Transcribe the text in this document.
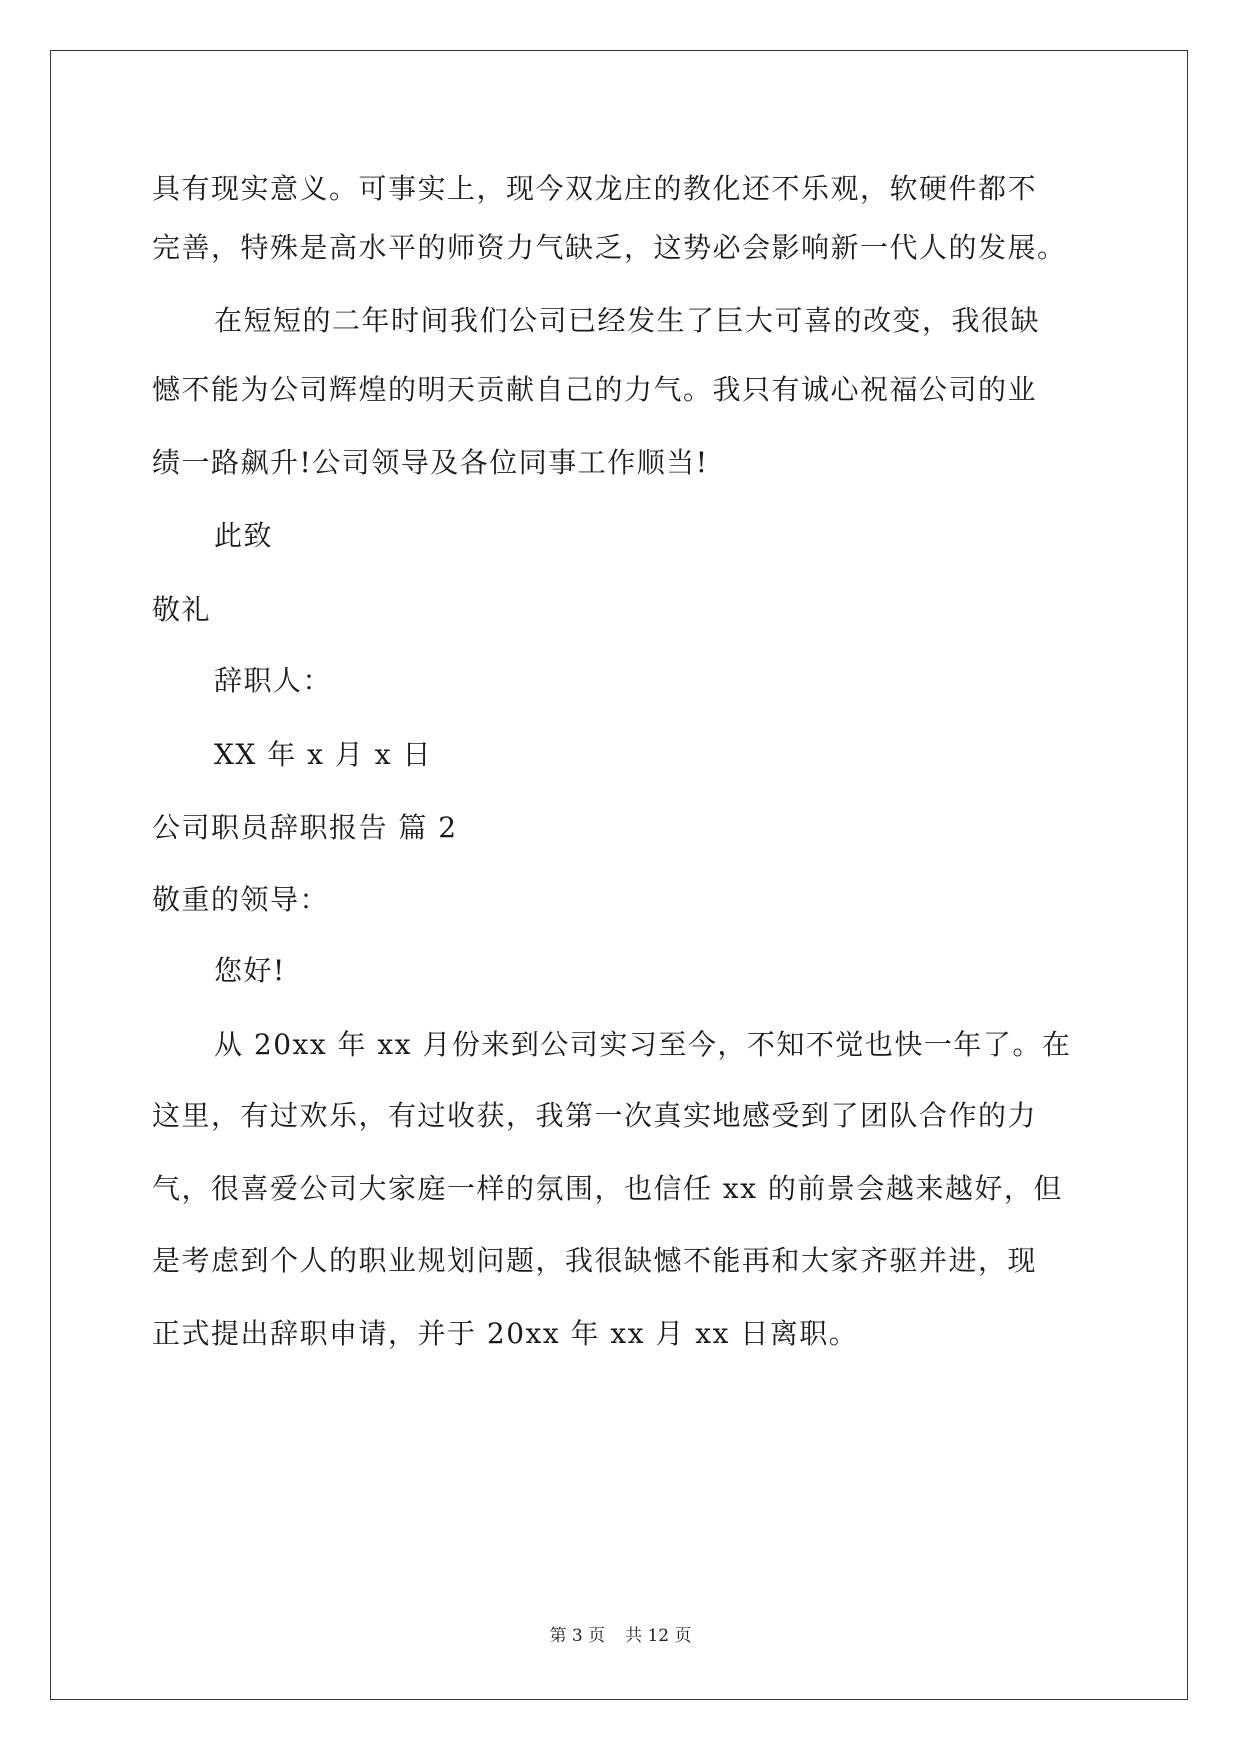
具有现实意义。可事实上，现今双龙庄的教化还不乐观，软硬件都不
完善，特殊是高水平的师资力气缺乏，这势必会影响新一代人的发展。
在短短的二年时间我们公司已经发生了巨大可喜的改变，我很缺
憾不能为公司辉煌的明天贡献自己的力气。我只有诚心祝福公司的业
绩一路飙升!公司领导及各位同事工作顺当!
此致
敬礼
辞职人：
XX 年 x 月 x 日
公司职员辞职报告 篇 2
敬重的领导：
您好!
从 20xx 年 xx 月份来到公司实习至今，不知不觉也快一年了。在
这里，有过欢乐，有过收获，我第一次真实地感受到了团队合作的力
气，很喜爱公司大家庭一样的氛围，也信任 xx 的前景会越来越好，但
是考虑到个人的职业规划问题，我很缺憾不能再和大家齐驱并进，现
正式提出辞职申请，并于 20xx 年 xx 月 xx 日离职。
第 3 页 共 12 页
